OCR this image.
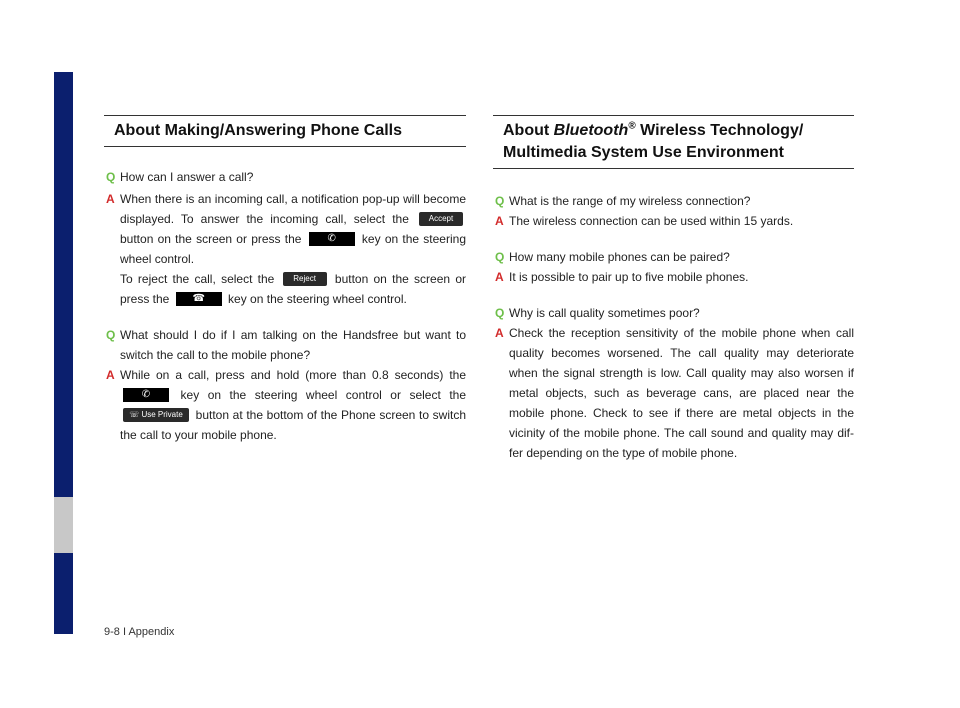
About Making/Answering Phone Calls
Q How can I answer a call?
A When there is an incoming call, a notification pop-up will become displayed. To answer the incoming call, select the Accept button on the screen or press the	✆ key on the steering wheel control.
To reject the call, select the Reject button on the screen or press the ☎ key on the steering wheel control.
Q What should I do if I am talking on the Handsfree but want to switch the call to the mobile phone?
A While on a call, press and hold (more than 0.8 seconds) the ✆	key on the steering wheel control or select the ☏ Use Private button at the bottom of the Phone screen to switch the call to your mobile phone.
About Bluetooth® Wireless Technology/ Multimedia System Use Environment
Q What is the range of my wireless connection?
A The wireless connection can be used within 15 yards.
Q How many mobile phones can be paired?
A It is possible to pair up to five mobile phones.
Q Why is call quality sometimes poor?
A Check the reception sensitivity of the mobile phone when call quality becomes worsened. The call quality may deteriorate when the signal strength is low. Call quality may also worsen if metal objects, such as beverage cans, are placed near the mobile phone. Check to see if there are metal objects in the vicinity of the mobile phone. The call sound and quality may dif-fer depending on the type of mobile phone.
9-8 I Appendix
